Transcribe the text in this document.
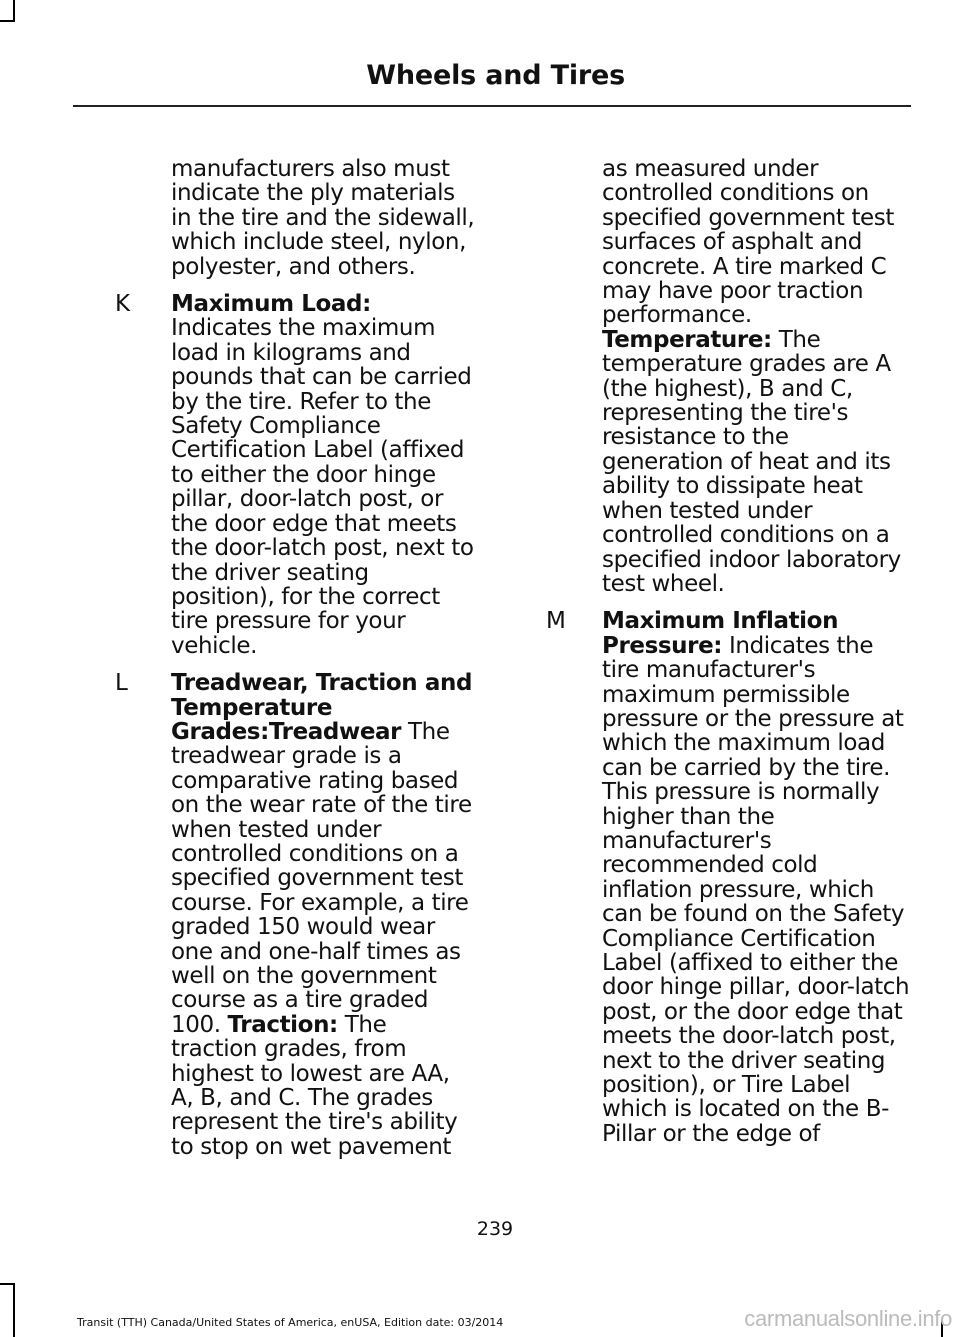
Wheels and Tires

manufacturers also must indicate the ply materials in the tire and the sidewall, which include steel, nylon, polyester, and others.

K Maximum Load: Indicates the maximum load in kilograms and pounds that can be carried by the tire. Refer to the Safety Compliance Certification Label (affixed to either the door hinge pillar, door-latch post, or the door edge that meets the door-latch post, next to the driver seating position), for the correct tire pressure for your vehicle.

L Treadwear, Traction and Temperature Grades:Treadwear The treadwear grade is a comparative rating based on the wear rate of the tire when tested under controlled conditions on a specified government test course. For example, a tire graded 150 would wear one and one-half times as well on the government course as a tire graded 100. Traction: The traction grades, from highest to lowest are AA, A, B, and C. The grades represent the tire's ability to stop on wet pavement

as measured under controlled conditions on specified government test surfaces of asphalt and concrete. A tire marked C may have poor traction performance. Temperature: The temperature grades are A (the highest), B and C, representing the tire's resistance to the generation of heat and its ability to dissipate heat when tested under controlled conditions on a specified indoor laboratory test wheel.

M Maximum Inflation Pressure: Indicates the tire manufacturer's maximum permissible pressure or the pressure at which the maximum load can be carried by the tire. This pressure is normally higher than the manufacturer's recommended cold inflation pressure, which can be found on the Safety Compliance Certification Label (affixed to either the door hinge pillar, door-latch post, or the door edge that meets the door-latch post, next to the driver seating position), or Tire Label which is located on the B-Pillar or the edge of

239
Transit (TTH) Canada/United States of America, enUSA, Edition date: 03/2014	carmanualsonline.info
